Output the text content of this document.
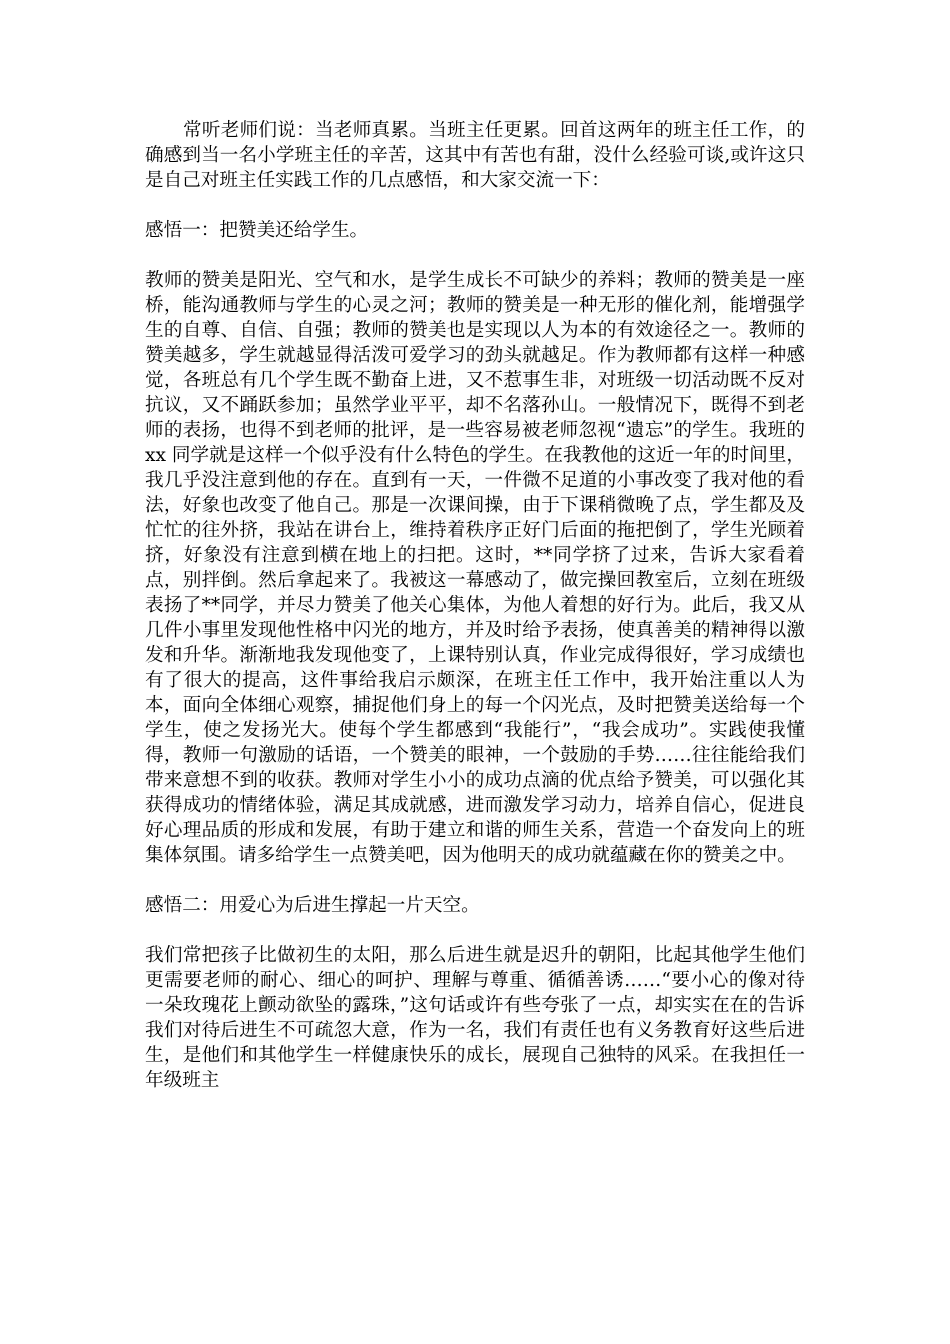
常听老师们说：当老师真累。当班主任更累。回首这两年的班主任工作，的确感到当一名小学班主任的辛苦，这其中有苦也有甜，没什么经验可谈,或许这只是自己对班主任实践工作的几点感悟，和大家交流一下：

感悟一：把赞美还给学生。

教师的赞美是阳光、空气和水，是学生成长不可缺少的养料；教师的赞美是一座桥，能沟通教师与学生的心灵之河；教师的赞美是一种无形的催化剂，能增强学生的自尊、自信、自强；教师的赞美也是实现以人为本的有效途径之一。教师的赞美越多，学生就越显得活泼可爱学习的劲头就越足。作为教师都有这样一种感觉，各班总有几个学生既不勤奋上进，又不惹事生非，对班级一切活动既不反对抗议，又不踊跃参加；虽然学业平平，却不名落孙山。一般情况下，既得不到老师的表扬，也得不到老师的批评，是一些容易被老师忽视“遗忘”的学生。我班的 xx 同学就是这样一个似乎没有什么特色的学生。在我教他的这近一年的时间里，我几乎没注意到他的存在。直到有一天，一件微不足道的小事改变了我对他的看法，好象也改变了他自己。那是一次课间操，由于下课稍微晚了点，学生都及及忙忙的往外挤，我站在讲台上，维持着秩序正好门后面的拖把倒了，学生光顾着挤，好象没有注意到横在地上的扫把。这时，**同学挤了过来，告诉大家看着点，别拌倒。然后拿起来了。我被这一幕感动了，做完操回教室后，立刻在班级表扬了**同学，并尽力赞美了他关心集体，为他人着想的好行为。此后，我又从几件小事里发现他性格中闪光的地方，并及时给予表扬，使真善美的精神得以激发和升华。渐渐地我发现他变了，上课特别认真，作业完成得很好，学习成绩也有了很大的提高，这件事给我启示颇深，在班主任工作中，我开始注重以人为本，面向全体细心观察，捕捉他们身上的每一个闪光点，及时把赞美送给每一个学生，使之发扬光大。使每个学生都感到“我能行”，“我会成功”。实践使我懂得，教师一句激励的话语，一个赞美的眼神，一个鼓励的手势……往往能给我们带来意想不到的收获。教师对学生小小的成功点滴的优点给予赞美，可以强化其获得成功的情绪体验，满足其成就感，进而激发学习动力，培养自信心，促进良好心理品质的形成和发展，有助于建立和谐的师生关系，营造一个奋发向上的班集体氛围。请多给学生一点赞美吧，因为他明天的成功就蕴藏在你的赞美之中。

感悟二：用爱心为后进生撑起一片天空。

我们常把孩子比做初生的太阳，那么后进生就是迟升的朝阳，比起其他学生他们更需要老师的耐心、细心的呵护、理解与尊重、循循善诱……“要小心的像对待一朵玫瑰花上颤动欲坠的露珠，”这句话或许有些夸张了一点，却实实在在的告诉我们对待后进生不可疏忽大意，作为一名，我们有责任也有义务教育好这些后进生，是他们和其他学生一样健康快乐的成长，展现自己独特的风采。在我担任一年级班主
